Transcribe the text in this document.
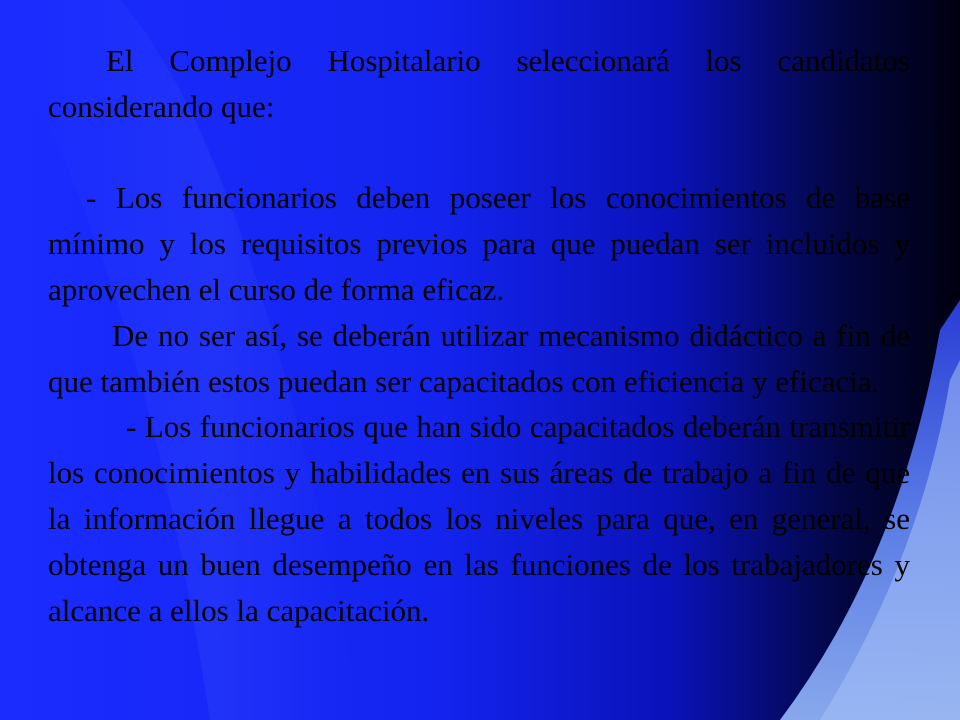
El Complejo Hospitalario seleccionará los candidatos considerando que:

- Los funcionarios deben poseer los conocimientos de base mínimo y los requisitos previos para que puedan ser incluidos y aprovechen el curso de forma eficaz.

De no ser así, se deberán utilizar mecanismo didáctico a fin de que también estos puedan ser capacitados con eficiencia y eficacia.

- Los funcionarios que han sido capacitados deberán transmitir los conocimientos y habilidades en sus áreas de trabajo a fin de que la información llegue a todos los niveles para que, en general, se obtenga un buen desempeño en las funciones de los trabajadores y alcance a ellos la capacitación.
